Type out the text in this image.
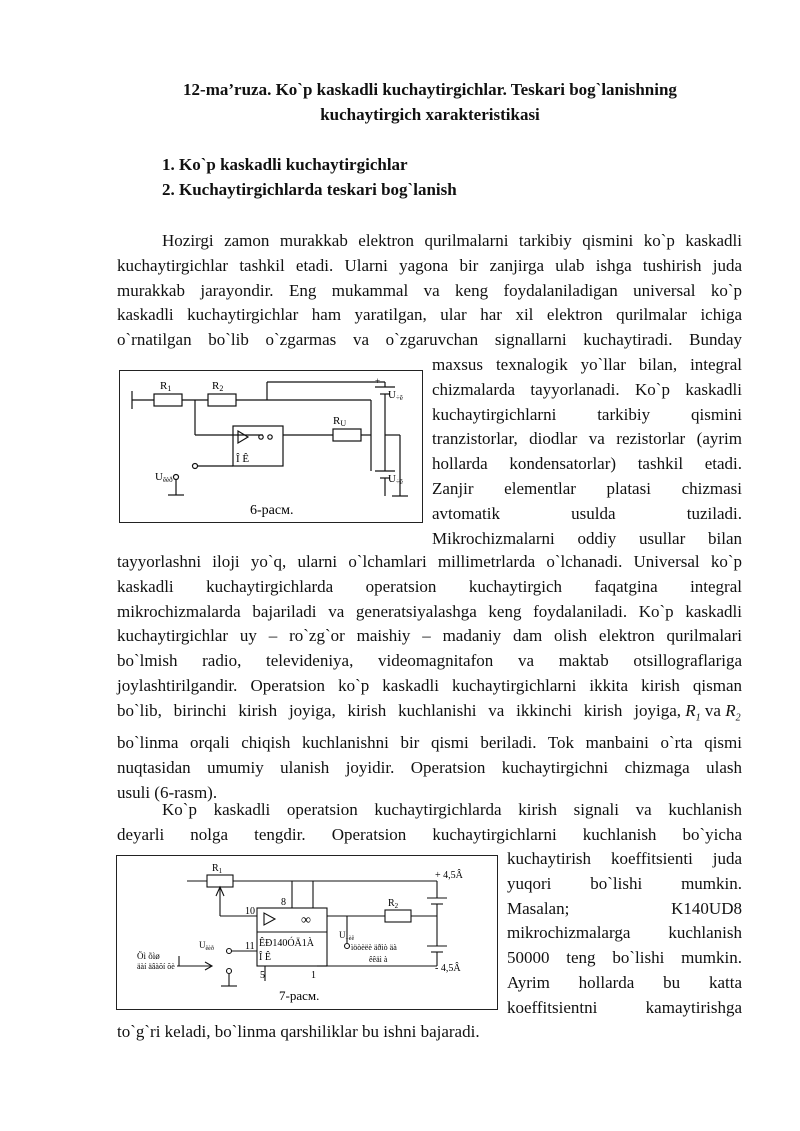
12-ma’ruza. Ko`p kaskadli kuchaytirgichlar. Teskari bog`lanishning
kuchaytirgich xarakteristikasi
1. Ko`p kaskadli kuchaytirgichlar
2. Kuchaytirgichlarda teskari bog`lanish
Hozirgi zamon murakkab elektron qurilmalarni tarkibiy qismini ko`p kaskadli
kuchaytirgichlar tashkil etadi. Ularni yagona bir zanjirga ulab ishga tushirish juda
murakkab jarayondir. Eng mukammal va keng foydalaniladigan universal ko`p
kaskadli kuchaytirgichlar ham yaratilgan, ular har xil elektron qurilmalar ichiga
o`rnatilgan bo`lib o`zgarmas va o`zgaruvchan signallarni kuchaytiradi. Bunday
maxsus texnalogik yo`llar bilan, integral
chizmalarda tayyorlanadi. Ko`p kaskadli
kuchaytirgichlarni tarkibiy qismini
tranzistorlar, diodlar va rezistorlar (ayrim
hollarda kondensatorlar) tashkil etadi.
Zanjir elementlar platasi chizmasi
avtomatik usulda tuziladi.
Mikrochizmalarni oddiy usullar bilan
R1	R2
RU
+
U÷ê
U÷ê
Uêèð
Î Ê
6-расм.
tayyorlashni iloji yo`q, ularni o`lchamlari millimetrlarda o`lchanadi. Universal ko`p
kaskadli kuchaytirgichlarda operatsion kuchaytirgich faqatgina integral
mikrochizmalarda bajariladi va generatsiyalashga keng foydalaniladi. Ko`p kaskadli
kuchaytirgichlar uy – ro`zg`or maishiy – madaniy dam olish elektron qurilmalari
bo`lmish radio, televideniya, videomagnitafon va maktab otsillograflariga
joylashtirilgandir. Operatsion ko`p kaskadli kuchaytirgichlarni ikkita kirish qisman
bo`lib, birinchi kirish joyiga, kirish kuchlanishi va ikkinchi kirish joyiga, $R_1$ va $R_2$
bo`linma orqali chiqish kuchlanishni bir qismi beriladi. Tok manbaini o`rta qismi
nuqtasidan umumiy ulanish joyidir. Operatsion kuchaytirgichni chizmaga ulash
usuli (6-rasm).
Ko`p kaskadli operatsion kuchaytirgichlarda kirish signali va kuchlanish
deyarli nolga tengdir. Operatsion kuchaytirgichlarni kuchlanish bo`yicha
kuchaytirish koeffitsienti juda
yuqori bo`lishi mumkin.
Masalan; K140UD8
mikrochizmalarga kuchlanish
50000 teng bo`lishi mumkin.
Ayrim hollarda bu katta
koeffitsientni kamaytirishga
$R_1$
$R_2$
10
11
8
5	1
∞
ÊÐ140ÓÄ1À
Î Ê
+ 4,5Â
- 4,5Â
$U_{êèð}$
$U_{\div èê}$
Öì õìø
äàí äâàõí õè
ìöòèëè äðìò äà
êêäì à
7-расм.
to`g`ri keladi, bo`linma qarshiliklar bu ishni bajaradi.
